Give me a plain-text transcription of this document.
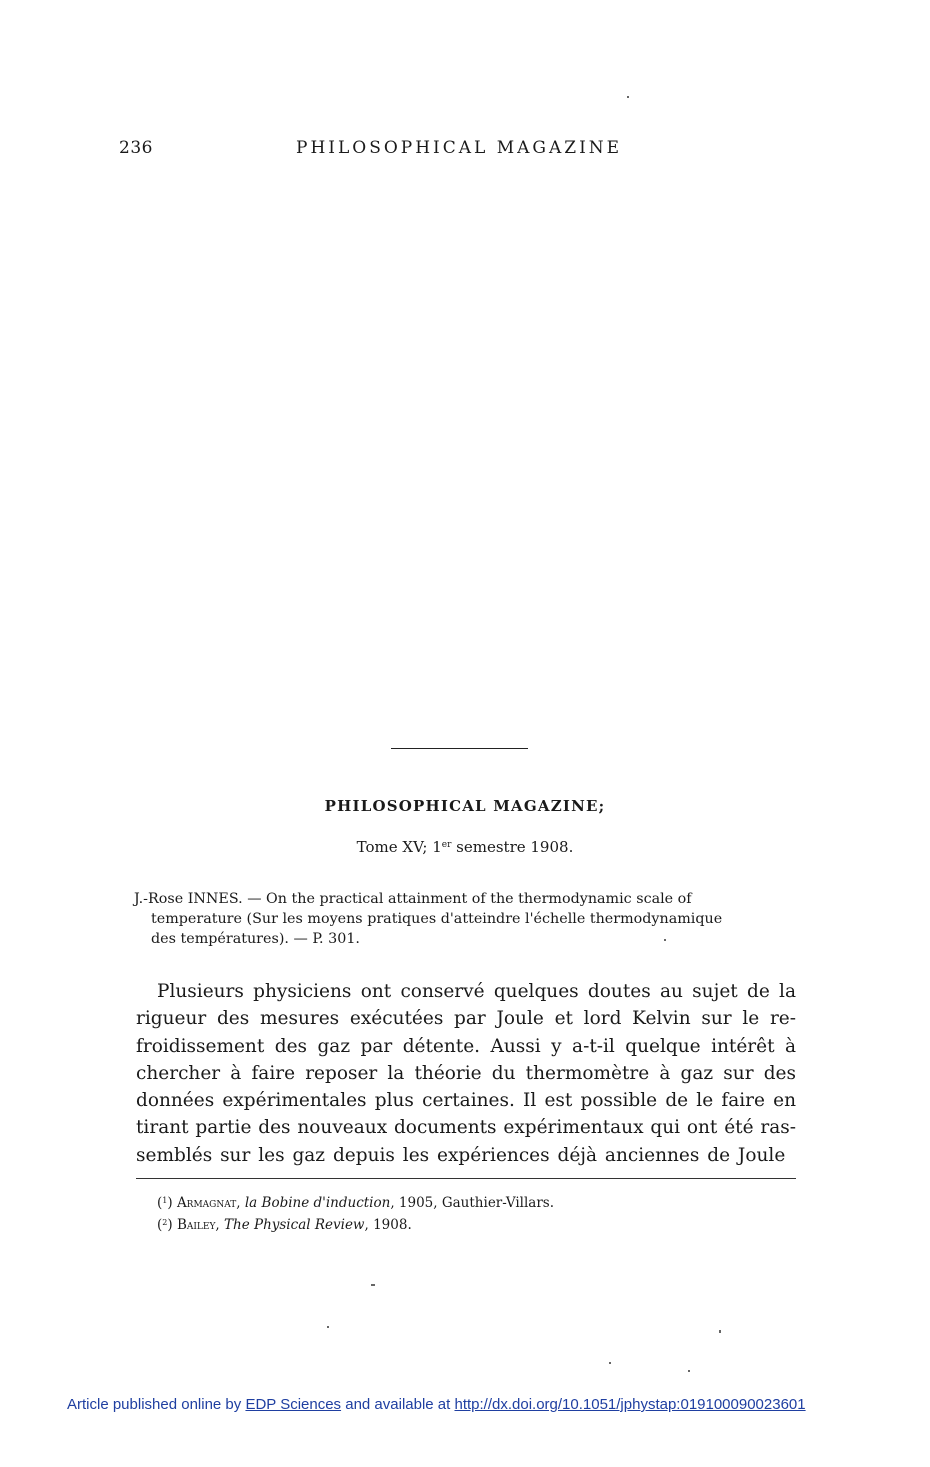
236	PHILOSOPHICAL MAGAZINE
PHILOSOPHICAL MAGAZINE;
Tome XV; 1er semestre 1908.
J.-Rose INNES. — On the practical attainment of the thermodynamic scale of
temperature (Sur les moyens pratiques d'atteindre l'échelle thermodynamique
des températures). — P. 301.
Plusieurs physiciens ont conservé quelques doutes au sujet de la
rigueur des mesures exécutées par Joule et lord Kelvin sur le re-
froidissement des gaz par détente. Aussi y a-t-il quelque intérêt à
chercher à faire reposer la théorie du thermomètre à gaz sur des
données expérimentales plus certaines. Il est possible de le faire en
tirant partie des nouveaux documents expérimentaux qui ont été ras-
semblés sur les gaz depuis les expériences déjà anciennes de Joule
($^1$) Armagnat, la Bobine d'induction, 1905, Gauthier-Villars.
($^2$) Bailey, The Physical Review, 1908.
Article published online by EDP Sciences and available at http://dx.doi.org/10.1051/jphystap:019100090023601
